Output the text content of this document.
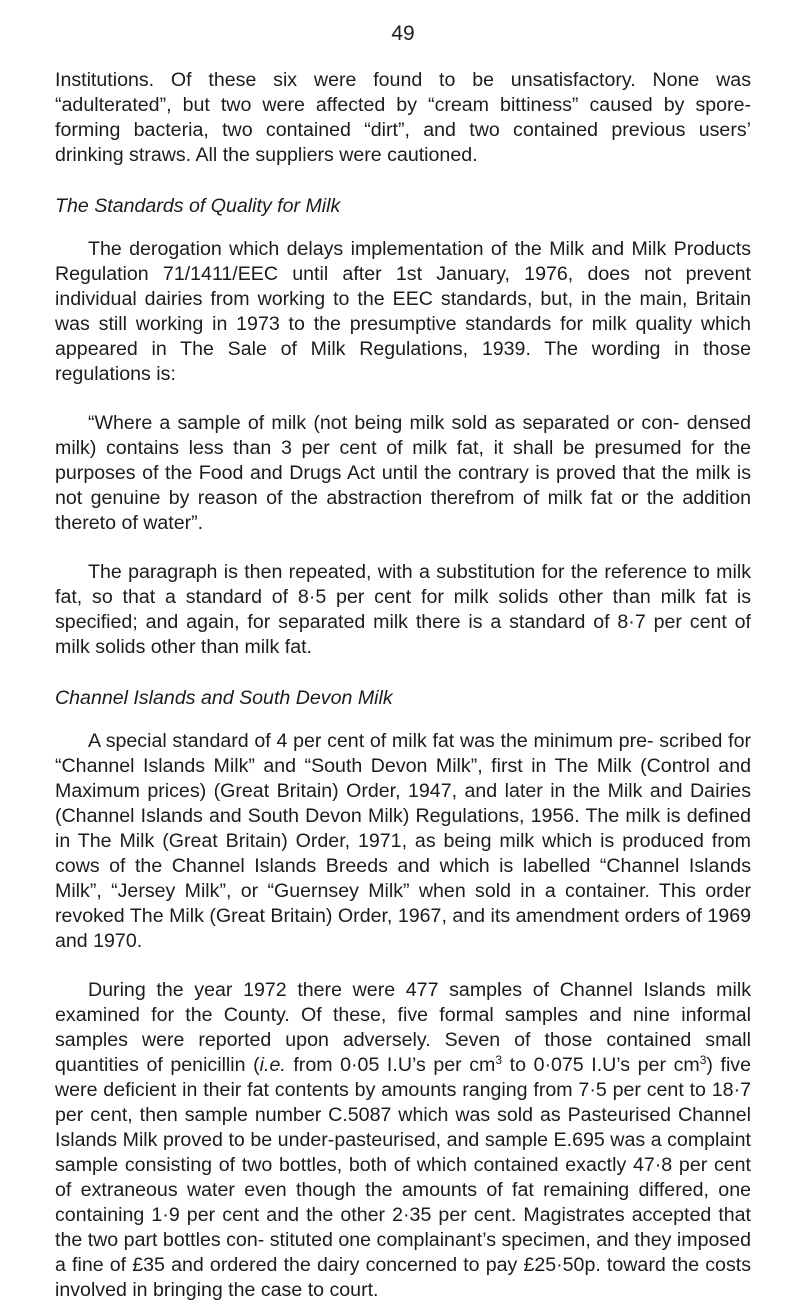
49

Institutions. Of these six were found to be unsatisfactory. None was “adulterated”, but two were affected by “cream bittiness” caused by spore-forming bacteria, two contained “dirt”, and two contained previous users’ drinking straws. All the suppliers were cautioned.

The Standards of Quality for Milk

The derogation which delays implementation of the Milk and Milk Products Regulation 71/1411/EEC until after 1st January, 1976, does not prevent individual dairies from working to the EEC standards, but, in the main, Britain was still working in 1973 to the presumptive standards for milk quality which appeared in The Sale of Milk Regulations, 1939. The wording in those regulations is:

“Where a sample of milk (not being milk sold as separated or con- densed milk) contains less than 3 per cent of milk fat, it shall be presumed for the purposes of the Food and Drugs Act until the contrary is proved that the milk is not genuine by reason of the abstraction therefrom of milk fat or the addition thereto of water”.

The paragraph is then repeated, with a substitution for the reference to milk fat, so that a standard of 8·5 per cent for milk solids other than milk fat is specified; and again, for separated milk there is a standard of 8·7 per cent of milk solids other than milk fat.

Channel Islands and South Devon Milk

A special standard of 4 per cent of milk fat was the minimum pre- scribed for “Channel Islands Milk” and “South Devon Milk”, first in The Milk (Control and Maximum prices) (Great Britain) Order, 1947, and later in the Milk and Dairies (Channel Islands and South Devon Milk) Regulations, 1956. The milk is defined in The Milk (Great Britain) Order, 1971, as being milk which is produced from cows of the Channel Islands Breeds and which is labelled “Channel Islands Milk”, “Jersey Milk”, or “Guernsey Milk” when sold in a container. This order revoked The Milk (Great Britain) Order, 1967, and its amendment orders of 1969 and 1970.

During the year 1972 there were 477 samples of Channel Islands milk examined for the County. Of these, five formal samples and nine informal samples were reported upon adversely. Seven of those contained small quantities of penicillin (i.e. from 0·05 I.U’s per $cm^3$ to 0·075 I.U’s per $cm^3$) five were deficient in their fat contents by amounts ranging from 7·5 per cent to 18·7 per cent, then sample number C.5087 which was sold as Pasteurised Channel Islands Milk proved to be under-pasteurised, and sample E.695 was a complaint sample consisting of two bottles, both of which contained exactly 47·8 per cent of extraneous water even though the amounts of fat remaining differed, one containing 1·9 per cent and the other 2·35 per cent. Magistrates accepted that the two part bottles con- stituted one complainant’s specimen, and they imposed a fine of £35 and ordered the dairy concerned to pay £25·50p. toward the costs involved in bringing the case to court.
